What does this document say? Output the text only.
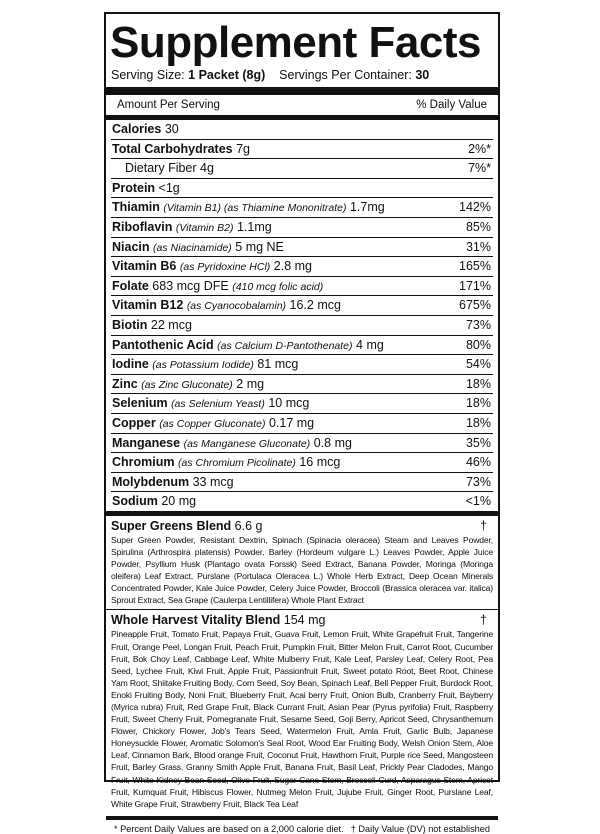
Supplement Facts
Serving Size: 1 Packet (8g) Servings Per Container: 30
Amount Per Serving	% Daily Value
Calories 30
Total Carbohydrates 7g	2%*
Dietary Fiber 4g	7%*
Protein <1g
Thiamin (Vitamin B1) (as Thiamine Mononitrate) 1.7mg	142%
Riboflavin (Vitamin B2) 1.1mg	85%
Niacin (as Niacinamide) 5 mg NE	31%
Vitamin B6 (as Pyridoxine HCl) 2.8 mg	165%
Folate 683 mcg DFE (410 mcg folic acid)	171%
Vitamin B12 (as Cyanocobalamin) 16.2 mcg	675%
Biotin 22 mcg	73%
Pantothenic Acid (as Calcium D-Pantothenate) 4 mg	80%
Iodine (as Potassium Iodide) 81 mcg	54%
Zinc (as Zinc Gluconate) 2 mg	18%
Selenium (as Selenium Yeast) 10 mcg	18%
Copper (as Copper Gluconate) 0.17 mg	18%
Manganese (as Manganese Gluconate) 0.8 mg	35%
Chromium (as Chromium Picolinate) 16 mcg	46%
Molybdenum 33 mcg	73%
Sodium 20 mg	<1%
Super Greens Blend 6.6 g	†
Super Green Powder, Resistant Dextrin, Spinach (Spinacia oleracea) Steam and Leaves Powder, Spirulina (Arthrospira platensis) Powder, Barley (Hordeum vulgare L.) Leaves Powder, Apple Juice Powder, Psyllium Husk (Plantago ovata Forssk) Seed Extract, Banana Powder, Moringa (Moringa oleifera) Leaf Extract, Purslane (Portulaca Oleracea L.) Whole Herb Extract, Deep Ocean Minerals Concentrated Powder, Kale Juice Powder, Celery Juice Powder, Broccoli (Brassica oleracea var. italica) Sprout Extract, Sea Grape (Caulerpa Lentillifera) Whole Plant Extract
Whole Harvest Vitality Blend 154 mg	†
Pineapple Fruit, Tomato Fruit, Papaya Fruit, Guava Fruit, Lemon Fruit, White Grapefruit Fruit, Tangerine Fruit, Orange Peel, Longan Fruit, Peach Fruit, Pumpkin Fruit, Bitter Melon Fruit, Carrot Root, Cucumber Fruit, Bok Choy Leaf, Cabbage Leaf, White Mulberry Fruit, Kale Leaf, Parsley Leaf, Celery Root, Pea Seed, Lychee Fruit, Kiwi Fruit, Apple Fruit, Passionfruit Fruit, Sweet potato Root, Beet Root, Chinese Yam Root, Shiitake Fruiting Body, Corn Seed, Soy Bean, Spinach Leaf, Bell Pepper Fruit, Burdock Root, Enoki Fruiting Body, Noni Fruit, Blueberry Fruit, Acai berry Fruit, Onion Bulb, Cranberry Fruit, Bayberry (Myrica rubra) Fruit, Red Grape Fruit, Black Currant Fruit, Asian Pear (Pyrus pyrifolia) Fruit, Raspberry Fruit, Sweet Cherry Fruit, Pomegranate Fruit, Sesame Seed, Goji Berry, Apricot Seed, Chrysanthemum Flower, Chickory Flower, Job's Tears Seed, Watermelon Fruit, Amla Fruit, Garlic Bulb, Japanese Honeysuckle Flower, Aromatic Solomon's Seal Root, Wood Ear Fruiting Body, Welsh Onion Stem, Aloe Leaf, Cinnamon Bark, Blood orange Fruit, Coconut Fruit, Hawthorn Fruit, Purple rice Seed, Mangosteen Fruit, Barley Grass, Granny Smith Apple Fruit, Banana Fruit, Basil Leaf, Prickly Pear Cladodes, Mango Fruit, White Kidney Bean Seed, Olive Fruit, Sugar Cane Stem, Broccoli Curd, Asparagus Stem, Apricot Fruit, Kumquat Fruit, Hibiscus Flower, Nutmeg Melon Fruit, Jujube Fruit, Ginger Root, Purslane Leaf, White Grape Fruit, Strawberry Fruit, Black Tea Leaf
* Percent Daily Values are based on a 2,000 calorie diet. † Daily Value (DV) not established
